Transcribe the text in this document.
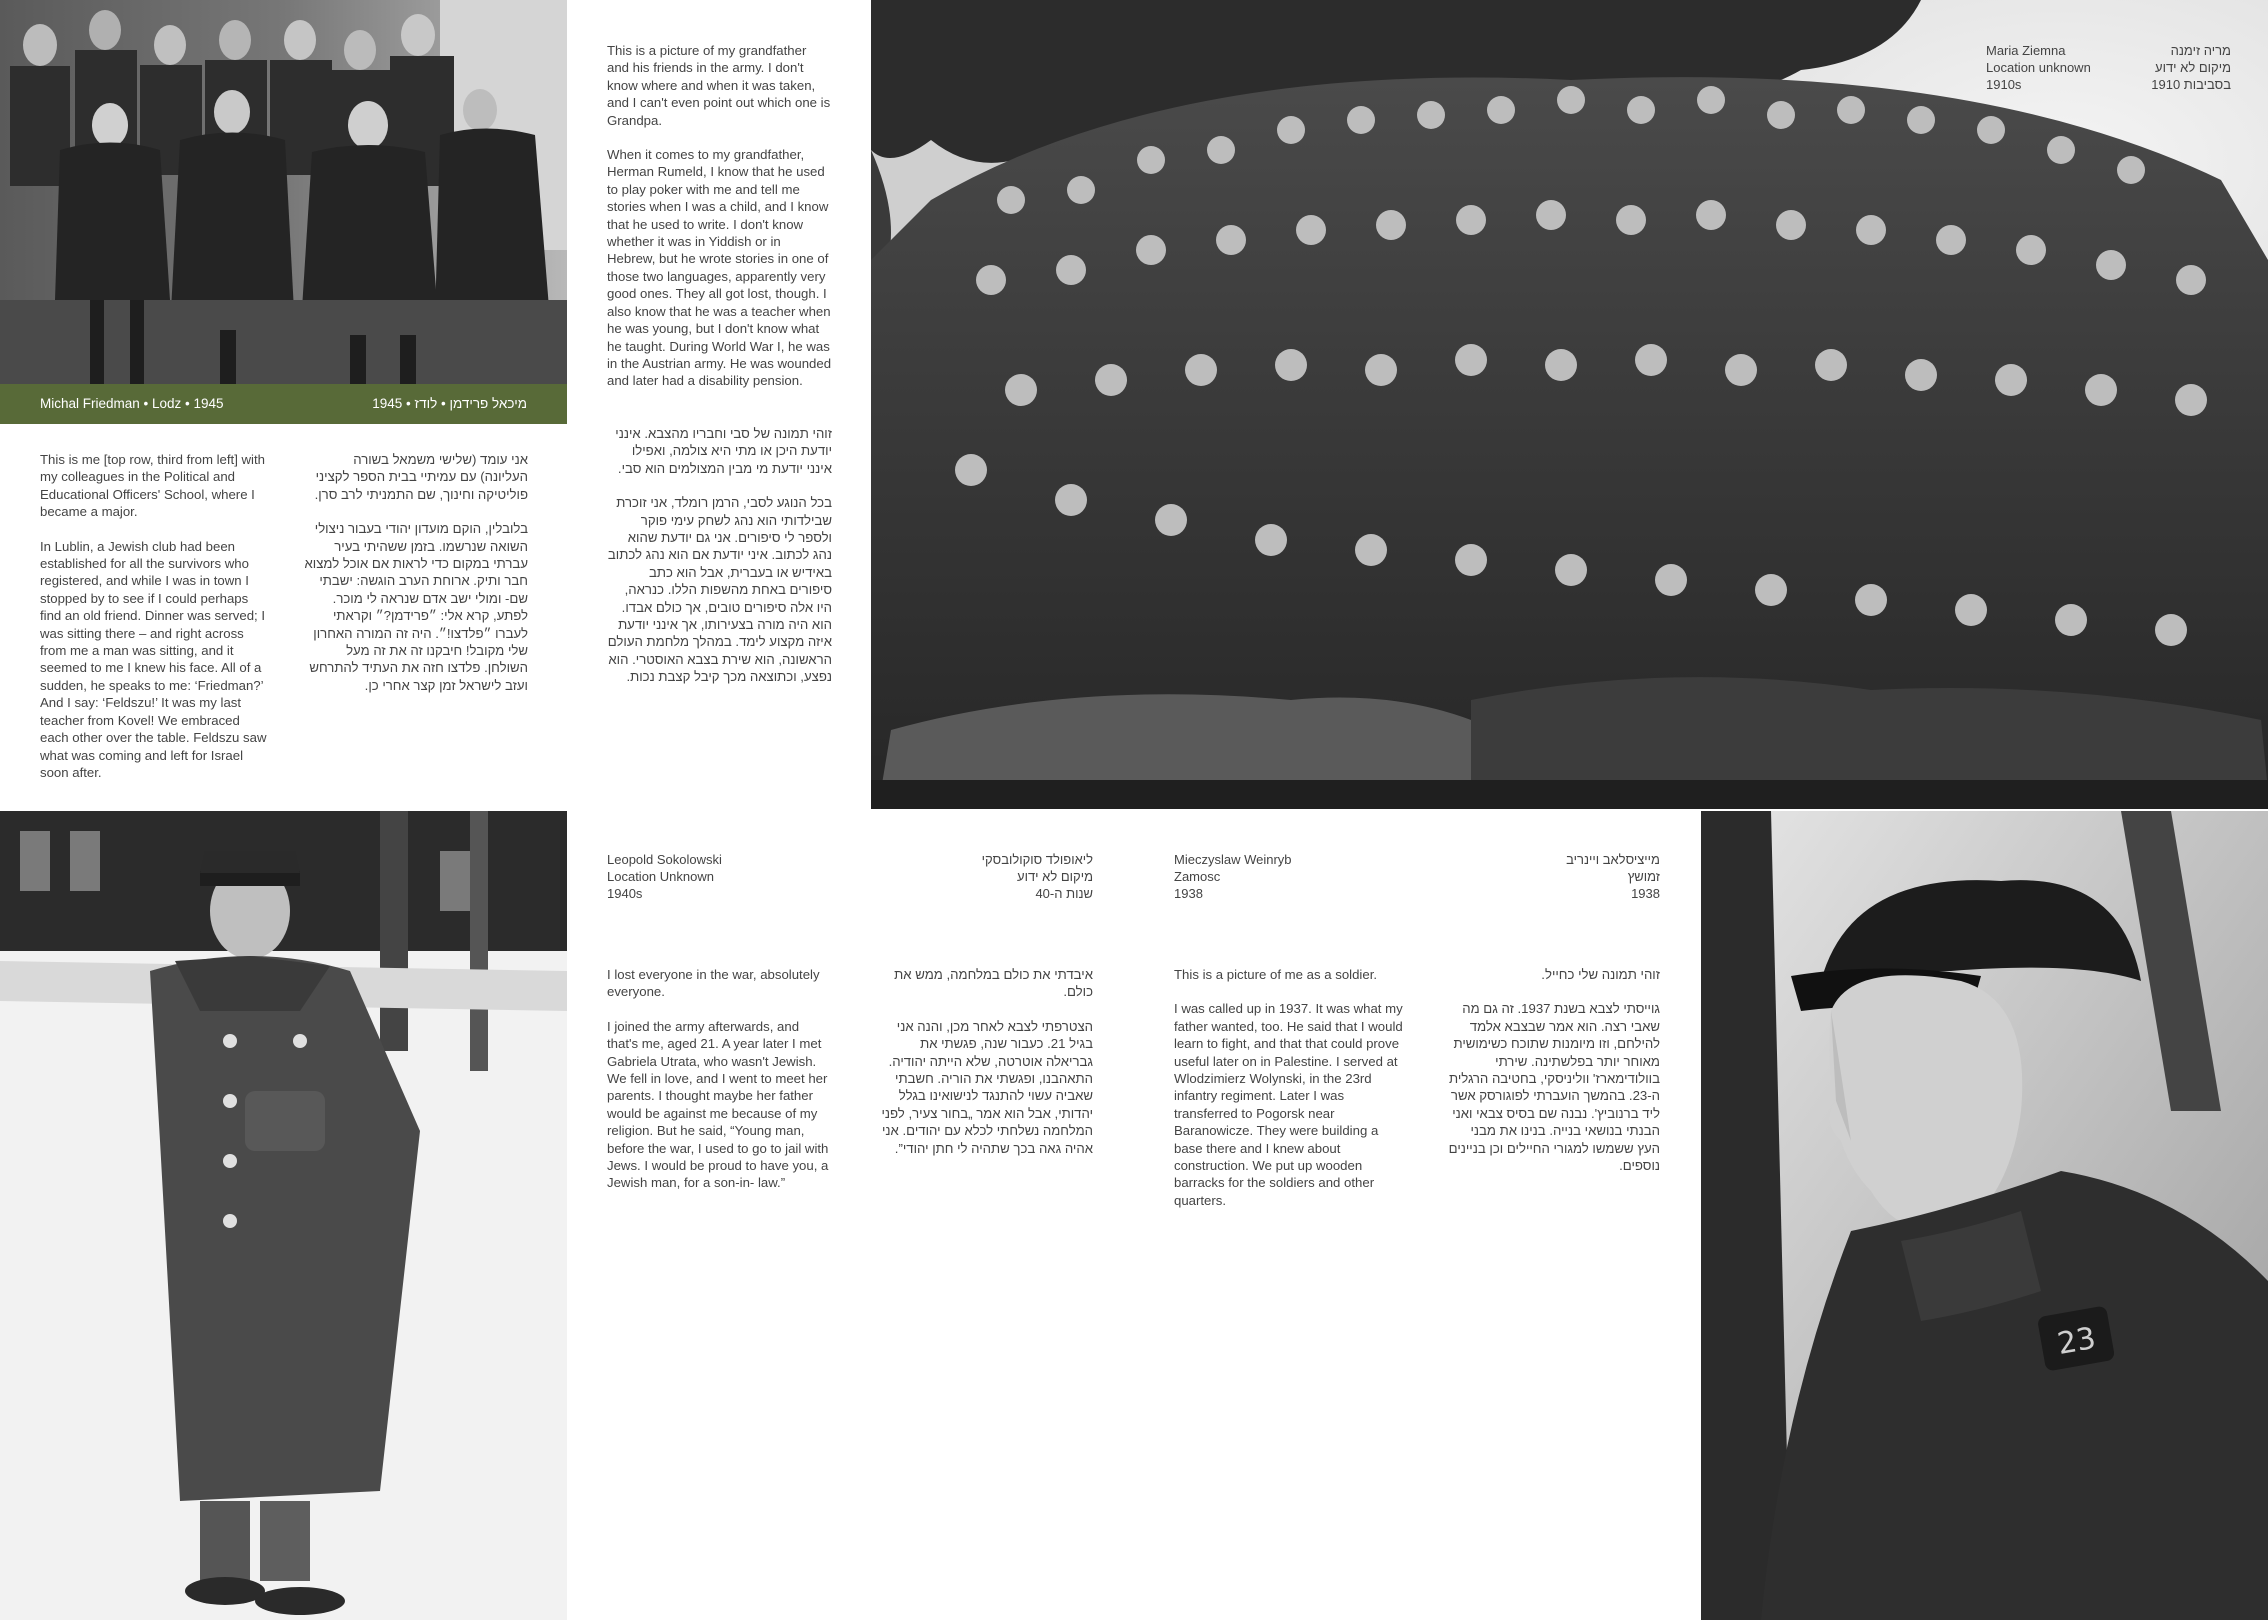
Michal Friedman • Lodz • 1945	מיכאל פרידמן • לודז • 1945

This is me [top row, third from left] with my colleagues in the Political and Educational Officers' School, where I became a major.

In Lublin, a Jewish club had been established for all the survivors who registered, and while I was in town I stopped by to see if I could perhaps find an old friend. Dinner was served; I was sitting there – and right across from me a man was sitting, and it seemed to me I knew his face. All of a sudden, he speaks to me: ‘Friedman?’ And I say: ‘Feldszu!’ It was my last teacher from Kovel! We embraced each other over the table. Feldszu saw what was coming and left for Israel soon after.

אני עומד (שלישי משמאל בשורה העליונה) עם עמיתיי בבית הספר לקציני פוליטיקה וחינוך, שם התמניתי לרב סרן.

בלובלין, הוקם מועדון יהודי בעבור ניצולי השואה שנרשמו. בזמן ששהיתי בעיר עברתי במקום כדי לראות אם אוכל למצוא חבר ותיק. ארוחת הערב הוגשה: ישבתי שם- ומולי ישב אדם שנראה לי מוכר. לפתע, קרא אלי: ״פרידמן?״ וקראתי לעברו ״פלדצו!״. היה זה המורה האחרון שלי מקובל! חיבקנו זה את זה מעל השולחן. פלדצו חזה את העתיד להתרחש ועזב לישראל זמן קצר אחרי כן.

This is a picture of my grandfather and his friends in the army. I don't know where and when it was taken, and I can't even point out which one is Grandpa.

When it comes to my grandfather, Herman Rumeld, I know that he used to play poker with me and tell me stories when I was a child, and I know that he used to write. I don't know whether it was in Yiddish or in Hebrew, but he wrote stories in one of those two languages, apparently very good ones. They all got lost, though. I also know that he was a teacher when he was young, but I don't know what he taught. During World War I, he was in the Austrian army. He was wounded and later had a disability pension.

זוהי תמונה של סבי וחבריו מהצבא. אינני יודעת היכן או מתי היא צולמה, ואפילו אינני יודעת מי מבין המצולמים הוא סבי.

בכל הנוגע לסבי, הרמן רומלד, אני זוכרת שבילדותי הוא נהג לשחק עימי פוקר ולספר לי סיפורים. אני גם יודעת שהוא נהג לכתוב. איני יודעת אם הוא נהג לכתוב באידיש או בעברית, אבל הוא כתב סיפורים באחת מהשפות הללו. כנראה, היו אלה סיפורים טובים, אך כולם אבדו. הוא היה מורה בצעירותו, אך אינני יודעת איזה מקצוע לימד. במהלך מלחמת העולם הראשונה, הוא שירת בצבא האוסטרי. הוא נפצע, וכתוצאה מכך קיבל קצבת נכות.

Maria Ziemna
Location unknown
1910s
מריה זימנה
מיקום לא ידוע
בסביבות 1910
Leopold Sokolowski
Location Unknown
1940s
ליאופולד סוקולובסקי
מיקום לא ידוע
שנות ה-40

I lost everyone in the war, absolutely everyone.

I joined the army afterwards, and that's me, aged 21. A year later I met Gabriela Utrata, who wasn't Jewish. We fell in love, and I went to meet her parents. I thought maybe her father would be against me because of my religion. But he said, “Young man, before the war, I used to go to jail with Jews. I would be proud to have you, a Jewish man, for a son-in- law.”

איבדתי את כולם במלחמה, ממש את כולם.

הצטרפתי לצבא לאחר מכן, והנה אני בגיל 21. כעבור שנה, פגשתי את גבריאלה אוטרטה, שלא הייתה יהודיה. התאהבנו, ופגשתי את הוריה. חשבתי שאביה עשוי להתנגד לנישואינו בגלל יהדותי, אבל הוא אמר „בחור צעיר, לפני המלחמה נשלחתי לכלא עם יהודים. אני אהיה גאה בכך שתהיה לי חתן יהודי”.

Mieczyslaw Weinryb
Zamosc
1938
מייציסלאב ויינריב
זמושץ
1938

This is a picture of me as a soldier.

I was called up in 1937. It was what my father wanted, too. He said that I would learn to fight, and that that could prove useful later on in Palestine. I served at Wlodzimierz Wolynski, in the 23rd infantry regiment. Later I was transferred to Pogorsk near Baranowicze. They were building a base there and I knew about construction. We put up wooden barracks for the soldiers and other quarters.

זוהי תמונה שלי כחייל.

גוייסתי לצבא בשנת 1937. זה גם מה שאבי רצה. הוא אמר שבצבא אלמד להילחם, וזו מיומנות שתוכח כשימושית מאוחר יותר בפלשתינה. שירתי בוולודימארז' ווליניסקי, בחטיבה הרגלית ה-23. בהמשך הועברתי לפוגורסק אשר ליד ברנוביץ'. נבנה שם בסיס צבאי ואני הבנתי בנושאי בנייה. בנינו את מבני העץ ששמשו למגורי החיילים וכן בניינים נוספים.

23
